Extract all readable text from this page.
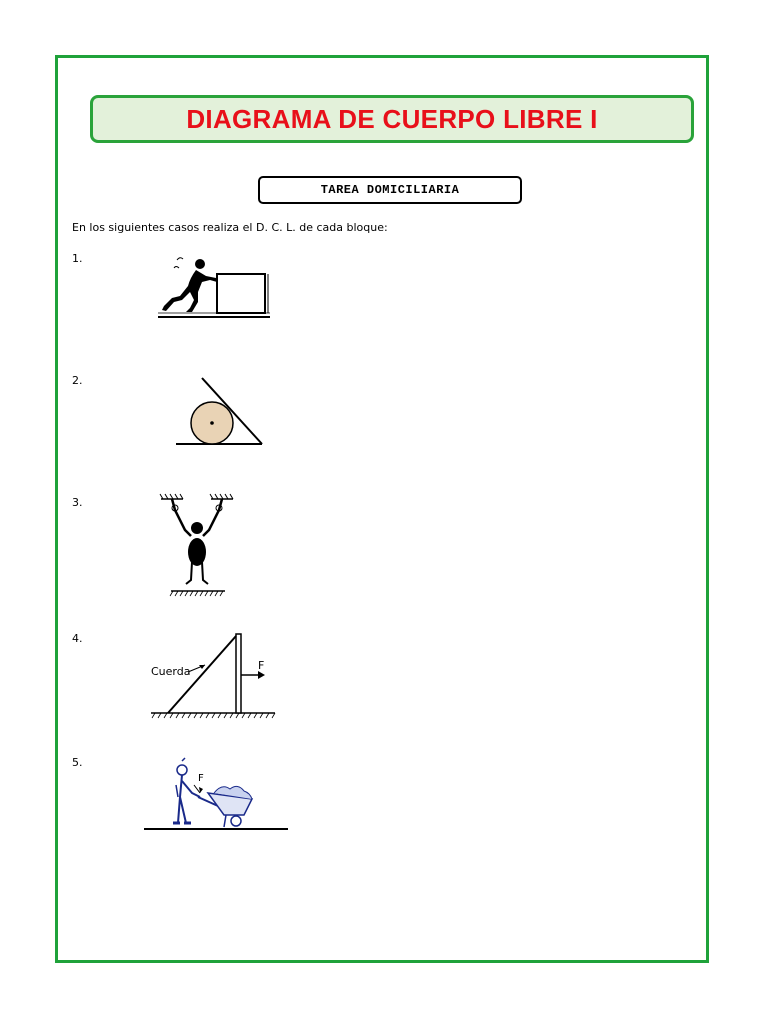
DIAGRAMA DE CUERPO LIBRE I
TAREA DOMICILIARIA
En los siguientes casos realiza el D. C. L. de cada bloque:
1.
2.
3.
4.
Cuerda	F
5.
F
